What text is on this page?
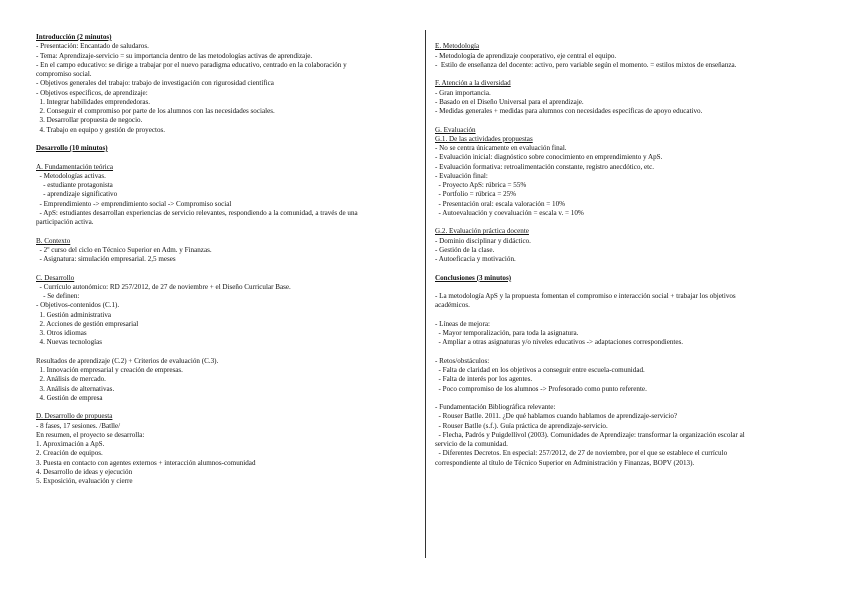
Introducción (2 minutos)
- Presentación: Encantado de saludaros.
- Tema: Aprendizaje-servicio = su importancia dentro de las metodologías activas de aprendizaje.
- En el campo educativo: se dirige a trabajar por el nuevo paradigma educativo, centrado en la colaboración y
compromiso social.
- Objetivos generales del trabajo: trabajo de investigación con rigurosidad científica
- Objetivos específicos, de aprendizaje:
1. Integrar habilidades emprendedoras.
2. Conseguir el compromiso por parte de los alumnos con las necesidades sociales.
3. Desarrollar propuesta de negocio.
4. Trabajo en equipo y gestión de proyectos.
Desarrollo (10 minutos)
A. Fundamentación teórica
- Metodologías activas.
- estudiante protagonista
- aprendizaje significativo
- Emprendimiento -> emprendimiento social -> Compromiso social
- ApS: estudiantes desarrollan experiencias de servicio relevantes, respondiendo a la comunidad, a través de una
participación activa.
B. Contexto
- 2º curso del ciclo en Técnico Superior en Adm. y Finanzas.
- Asignatura: simulación empresarial. 2,5 meses
C. Desarrollo
- Currículo autonómico: RD 257/2012, de 27 de noviembre + el Diseño Curricular Base.
- Se definen:
- Objetivos-contenidos (C.1).
1. Gestión administrativa
2. Acciones de gestión empresarial
3. Otros idiomas
4. Nuevas tecnologías
Resultados de aprendizaje (C.2) + Criterios de evaluación (C.3).
1. Innovación empresarial y creación de empresas.
2. Análisis de mercado.
3. Análisis de alternativas.
4. Gestión de empresa
D. Desarrollo de propuesta
- 8 fases, 17 sesiones. /Batlle/
En resumen, el proyecto se desarrolla:
1. Aproximación a ApS.
2. Creación de equipos.
3. Puesta en contacto con agentes externos + interacción alumnos-comunidad
4. Desarrollo de ideas y ejecución
5. Exposición, evaluación y cierre
E. Metodología
- Metodología de aprendizaje cooperativo, eje central el equipo.
-  Estilo de enseñanza del docente: activo, pero variable según el momento. = estilos mixtos de enseñanza.
F. Atención a la diversidad
- Gran importancia.
- Basado en el Diseño Universal para el aprendizaje.
- Medidas generales + medidas para alumnos con necesidades específicas de apoyo educativo.
G. Evaluación
G.1. De las actividades propuestas
- No se centra únicamente en evaluación final.
- Evaluación inicial: diagnóstico sobre conocimiento en emprendimiento y ApS.
- Evaluación formativa: retroalimentación constante, registro anecdótico, etc.
- Evaluación final:
- Proyecto ApS: rúbrica = 55%
- Portfolio = rúbrica = 25%
- Presentación oral: escala valoración = 10%
- Autoevaluación y coevaluación = escala v. = 10%
G.2. Evaluación práctica docente
- Dominio disciplinar y didáctico.
- Gestión de la clase.
- Autoeficacia y motivación.
Conclusiones (3 minutos)
- La metodología ApS y la propuesta fomentan el compromiso e interacción social + trabajar los objetivos
académicos.
- Líneas de mejora:
- Mayor temporalización, para toda la asignatura.
- Ampliar a otras asignaturas y/o niveles educativos -> adaptaciones correspondientes.
- Retos/obstáculos:
- Falta de claridad en los objetivos a conseguir entre escuela-comunidad.
- Falta de interés por los agentes.
- Poco compromiso de los alumnos -> Profesorado como punto referente.
- Fundamentación Bibliográfica relevante:
- Rouser Batlle. 2011. ¿De qué hablamos cuando hablamos de aprendizaje-servicio?
- Rouser Batlle (s.f.). Guía práctica de aprendizaje-servicio.
- Flecha, Padrós y Puigdellívol (2003). Comunidades de Aprendizaje: transformar la organización escolar al
servicio de la comunidad.
- Diferentes Decretos. En especial: 257/2012, de 27 de noviembre, por el que se establece el currículo
correspondiente al título de Técnico Superior en Administración y Finanzas, BOPV (2013).
